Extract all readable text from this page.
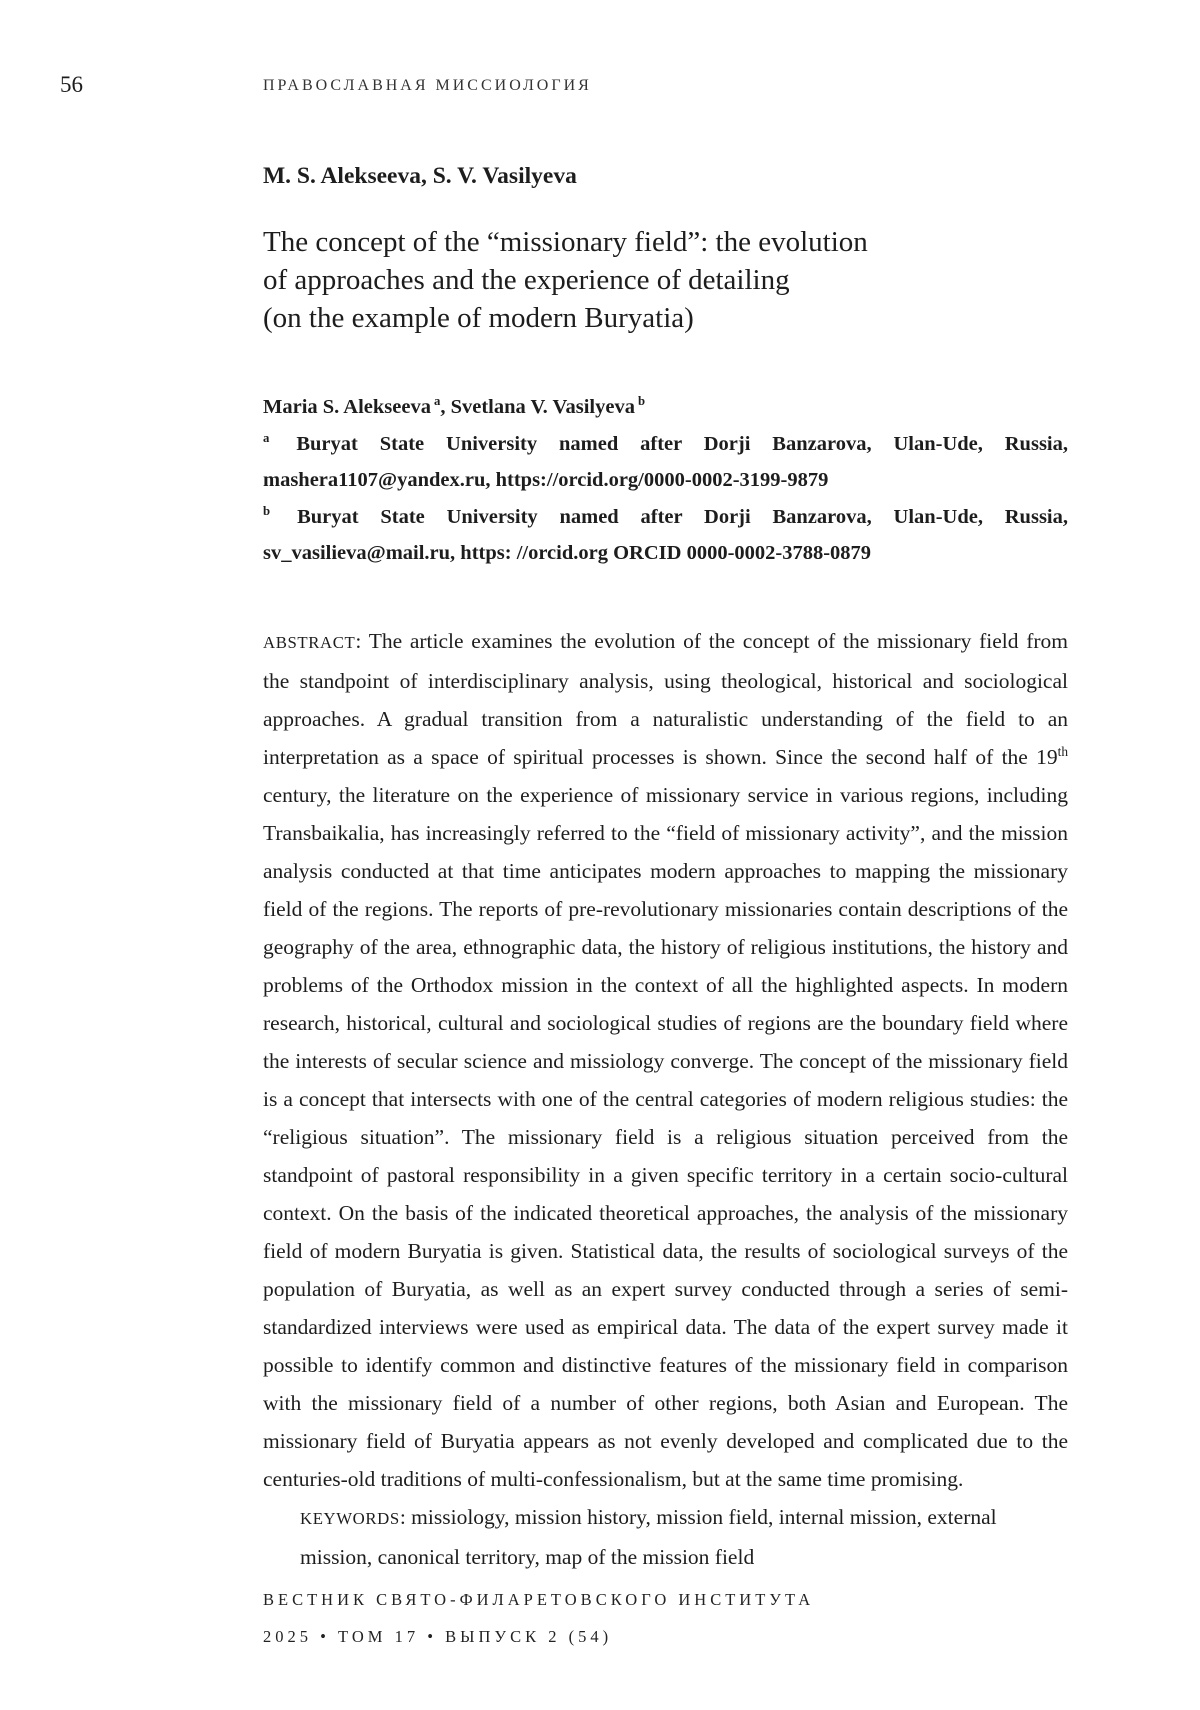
56	ПРАВОСЛАВНАЯ МИССИОЛОГИЯ
M. S. Alekseeva, S. V. Vasilyeva
The concept of the “missionary field”: the evolution
of approaches and the experience of detailing
(on the example of modern Buryatia)

Maria S. Alekseeva $^a$, Svetlana V. Vasilyeva $^b$

$^a$ Buryat State University named after Dorji Banzarova, Ulan-Ude, Russia, mashera1107@yandex.ru, https://orcid.org/0000-0002-3199-9879

$^b$ Buryat State University named after Dorji Banzarova, Ulan-Ude, Russia, sv_vasilieva@mail.ru, https: //orcid.org ORCID 0000-0002-3788-0879

ABSTRACT: The article examines the evolution of the concept of the missionary field from the standpoint of interdisciplinary analysis, using theological, historical and sociological approaches. A gradual transition from a naturalistic understanding of the field to an interpretation as a space of spiritual processes is shown. Since the second half of the 19th century, the literature on the experience of missionary service in various regions, including Transbaikalia, has increasingly referred to the “field of missionary activity”, and the mission analysis conducted at that time anticipates modern approaches to mapping the missionary field of the regions. The reports of pre-revolutionary missionaries contain descriptions of the geography of the area, ethnographic data, the history of religious institutions, the history and problems of the Orthodox mission in the context of all the highlighted aspects. In modern research, historical, cultural and sociological studies of regions are the boundary field where the interests of secular science and missiology converge. The concept of the missionary field is a concept that intersects with one of the central categories of modern religious studies: the “religious situation”. The missionary field is a religious situation perceived from the standpoint of pastoral responsibility in a given specific territory in a certain socio-cultural context. On the basis of the indicated theoretical approaches, the analysis of the missionary field of modern Buryatia is given. Statistical data, the results of sociological surveys of the population of Buryatia, as well as an expert survey conducted through a series of semi-standardized interviews were used as empirical data. The data of the expert survey made it possible to identify common and distinctive features of the missionary field in comparison with the missionary field of a number of other regions, both Asian and European. The missionary field of Buryatia appears as not evenly developed and complicated due to the centuries-old traditions of multi-confessionalism, but at the same time promising.

KEYWORDS: missiology, mission history, mission field, internal mission, external mission, canonical territory, map of the mission field

ВЕСТНИК СВЯТО-ФИЛАРЕТОВСКОГО ИНСТИТУТА
2025 • ТОМ 17 • ВЫПУСК 2 (54)
